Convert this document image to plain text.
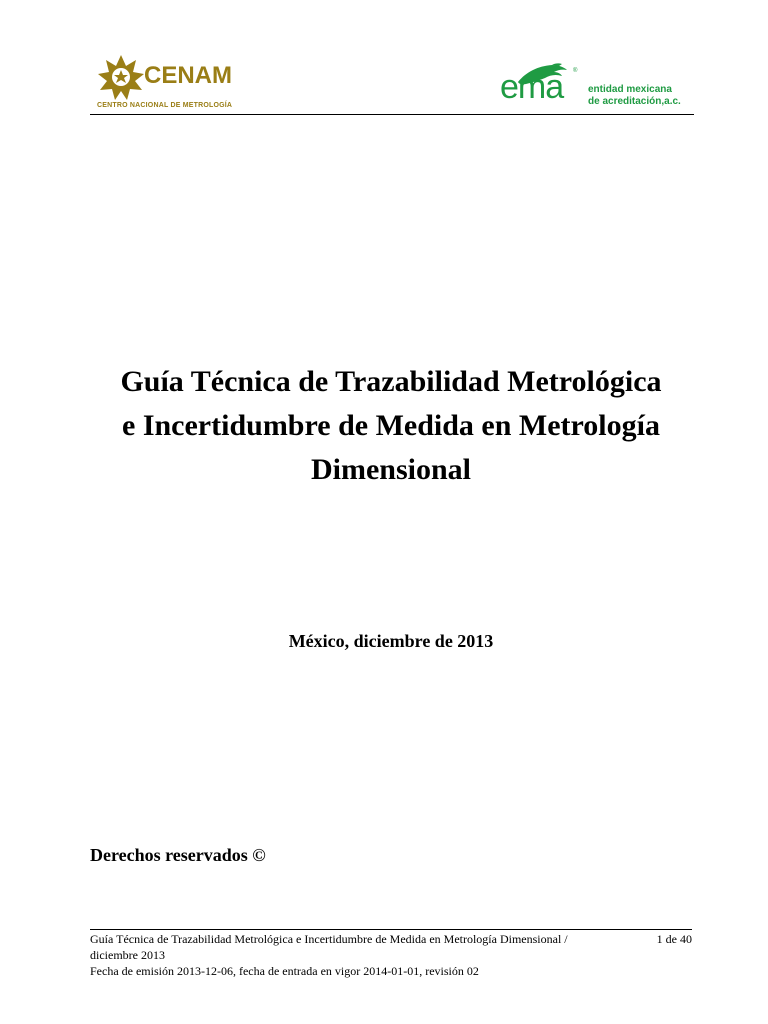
CENAM
CENTRO NACIONAL DE METROLOGÍA	ema ®
entidad mexicana
de acreditación,a.c.
Guía Técnica de Trazabilidad Metrológica
e Incertidumbre de Medida en Metrología
Dimensional
México, diciembre de 2013
Derechos reservados ©
Guía Técnica de Trazabilidad Metrológica e Incertidumbre de Medida en Metrología Dimensional /
diciembre 2013
Fecha de emisión 2013-12-06, fecha de entrada en vigor 2014-01-01, revisión 02
1 de 40
